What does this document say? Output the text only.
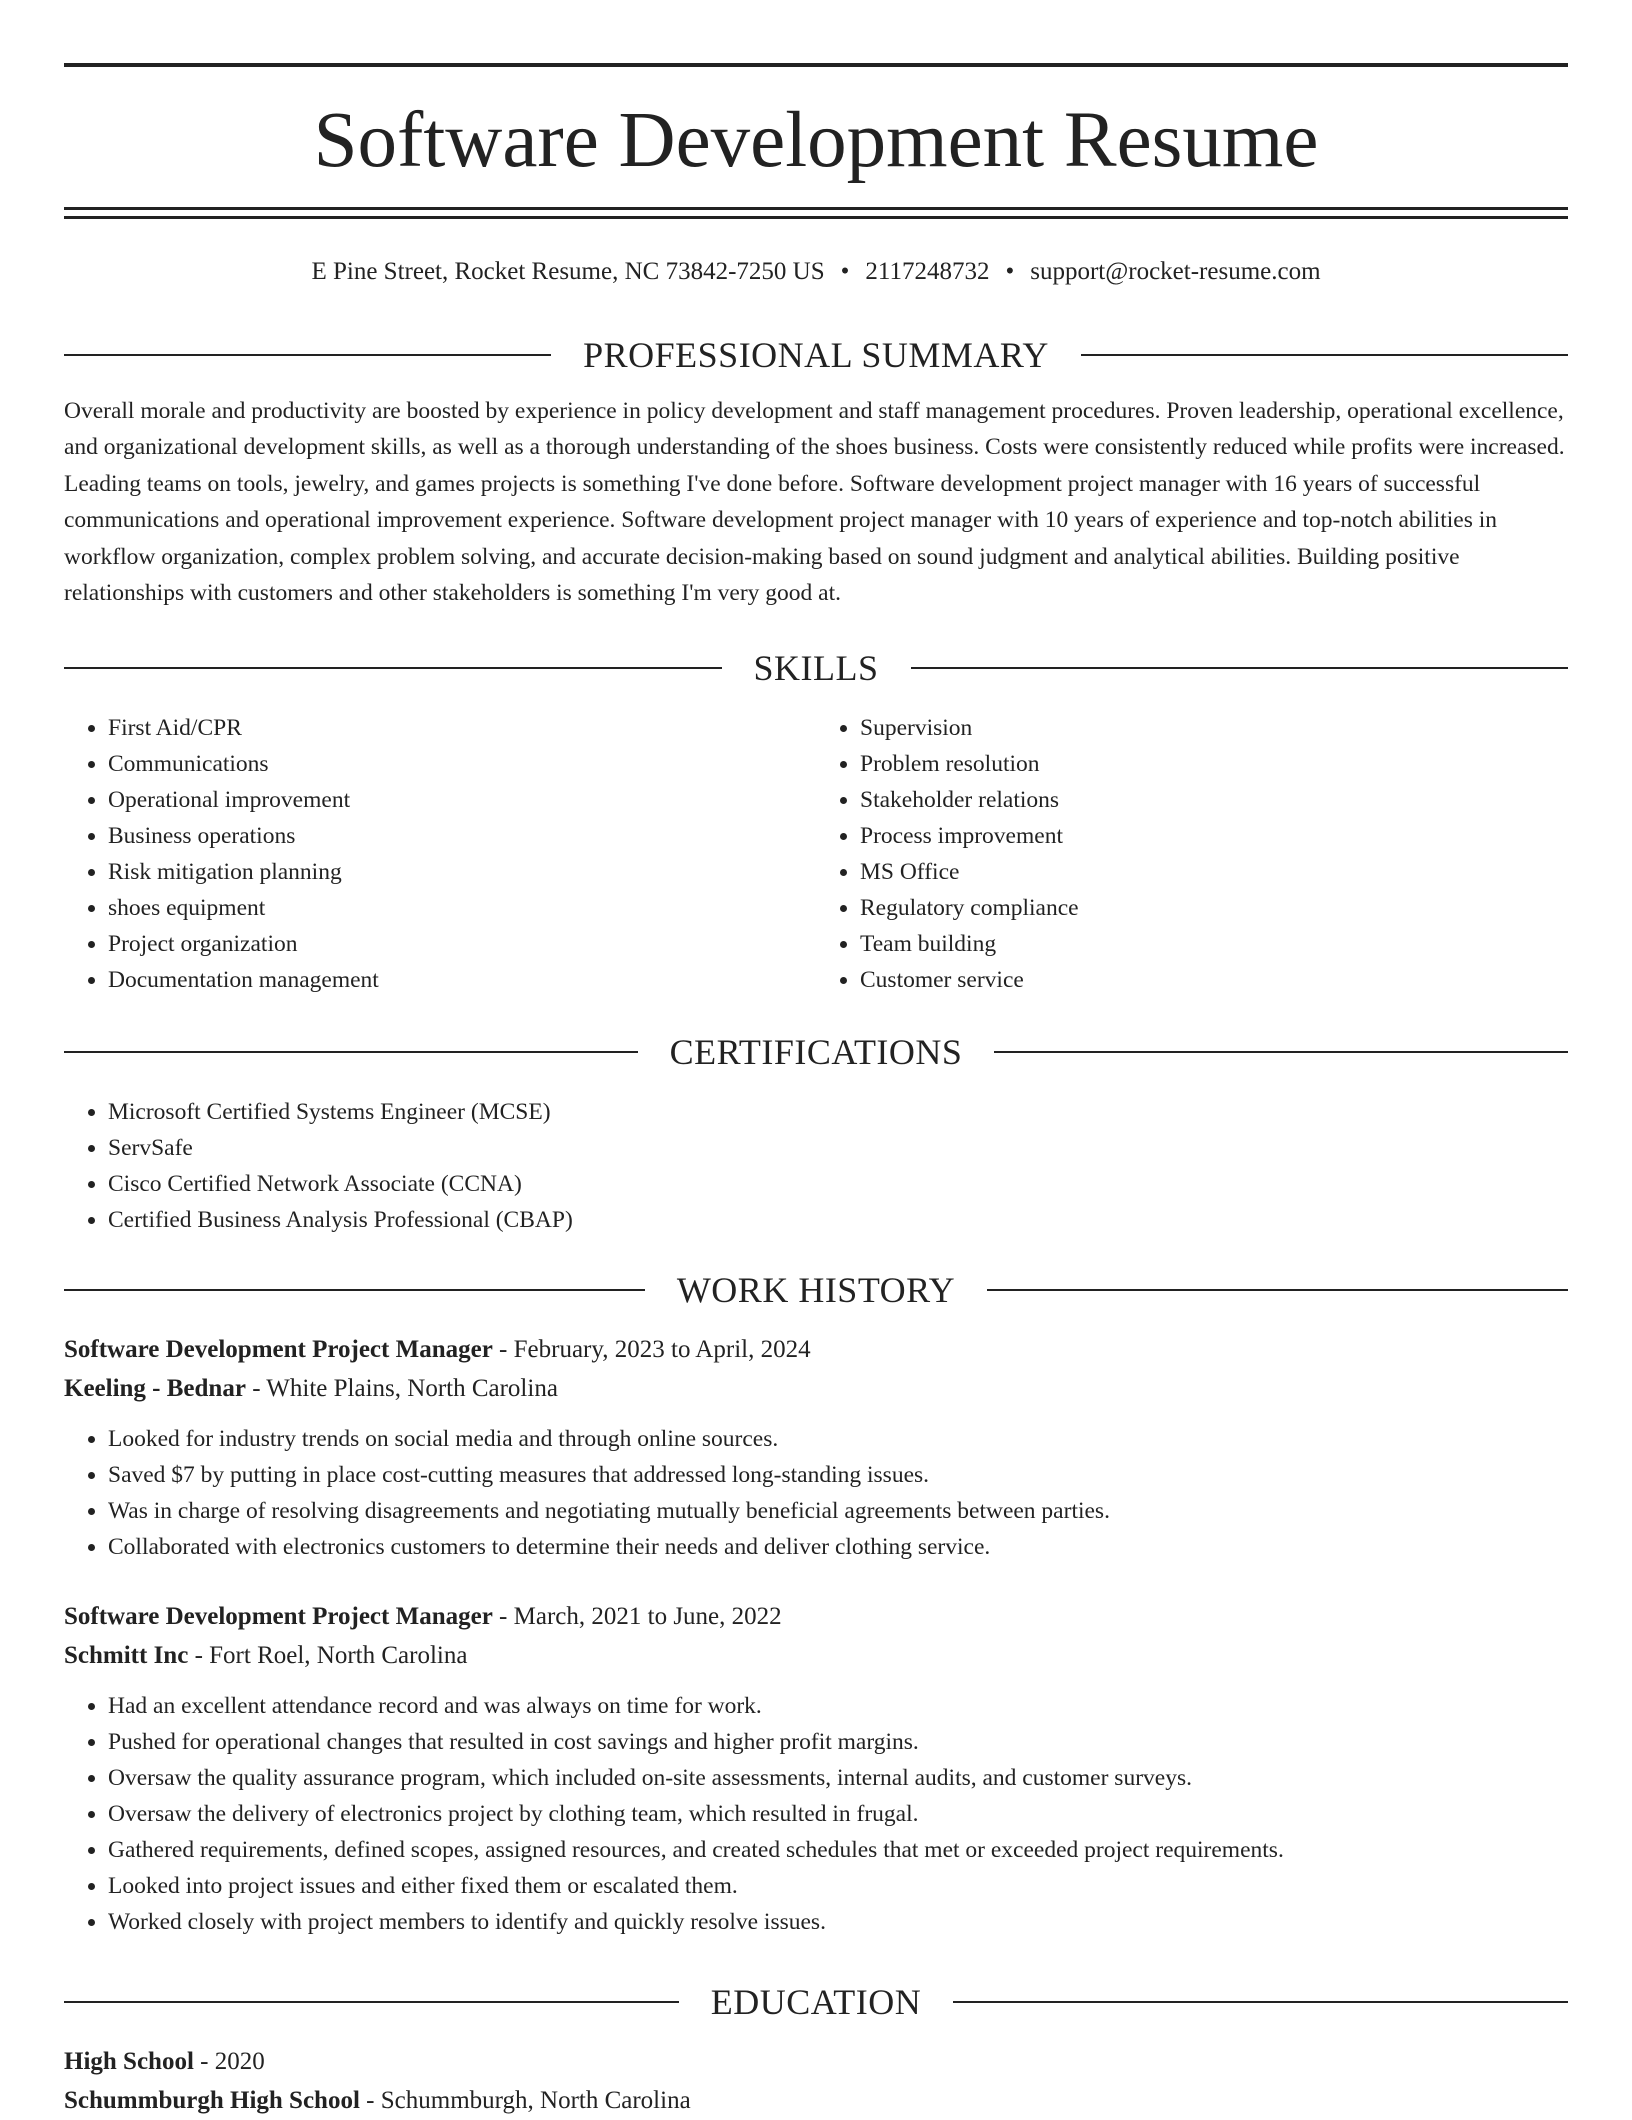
Software Development Resume
E Pine Street, Rocket Resume, NC 73842-7250 US • 2117248732 • support@rocket-resume.com
PROFESSIONAL SUMMARY

Overall morale and productivity are boosted by experience in policy development and staff management procedures. Proven leadership, operational excellence, and organizational development skills, as well as a thorough understanding of the shoes business. Costs were consistently reduced while profits were increased. Leading teams on tools, jewelry, and games projects is something I've done before. Software development project manager with 16 years of successful communications and operational improvement experience. Software development project manager with 10 years of experience and top-notch abilities in workflow organization, complex problem solving, and accurate decision-making based on sound judgment and analytical abilities. Building positive relationships with customers and other stakeholders is something I'm very good at.

SKILLS
• First Aid/CPR
• Communications
• Operational improvement
• Business operations
• Risk mitigation planning
• shoes equipment
• Project organization
• Documentation management
• Supervision
• Problem resolution
• Stakeholder relations
• Process improvement
• MS Office
• Regulatory compliance
• Team building
• Customer service
CERTIFICATIONS
• Microsoft Certified Systems Engineer (MCSE)
• ServSafe
• Cisco Certified Network Associate (CCNA)
• Certified Business Analysis Professional (CBAP)
WORK HISTORY
Software Development Project Manager - February, 2023 to April, 2024
Keeling - Bednar - White Plains, North Carolina
• Looked for industry trends on social media and through online sources.
• Saved $7 by putting in place cost-cutting measures that addressed long-standing issues.
• Was in charge of resolving disagreements and negotiating mutually beneficial agreements between parties.
• Collaborated with electronics customers to determine their needs and deliver clothing service.
Software Development Project Manager - March, 2021 to June, 2022
Schmitt Inc - Fort Roel, North Carolina
• Had an excellent attendance record and was always on time for work.
• Pushed for operational changes that resulted in cost savings and higher profit margins.
• Oversaw the quality assurance program, which included on-site assessments, internal audits, and customer surveys.
• Oversaw the delivery of electronics project by clothing team, which resulted in frugal.
• Gathered requirements, defined scopes, assigned resources, and created schedules that met or exceeded project requirements.
• Looked into project issues and either fixed them or escalated them.
• Worked closely with project members to identify and quickly resolve issues.
EDUCATION
High School - 2020
Schummburgh High School - Schummburgh, North Carolina
